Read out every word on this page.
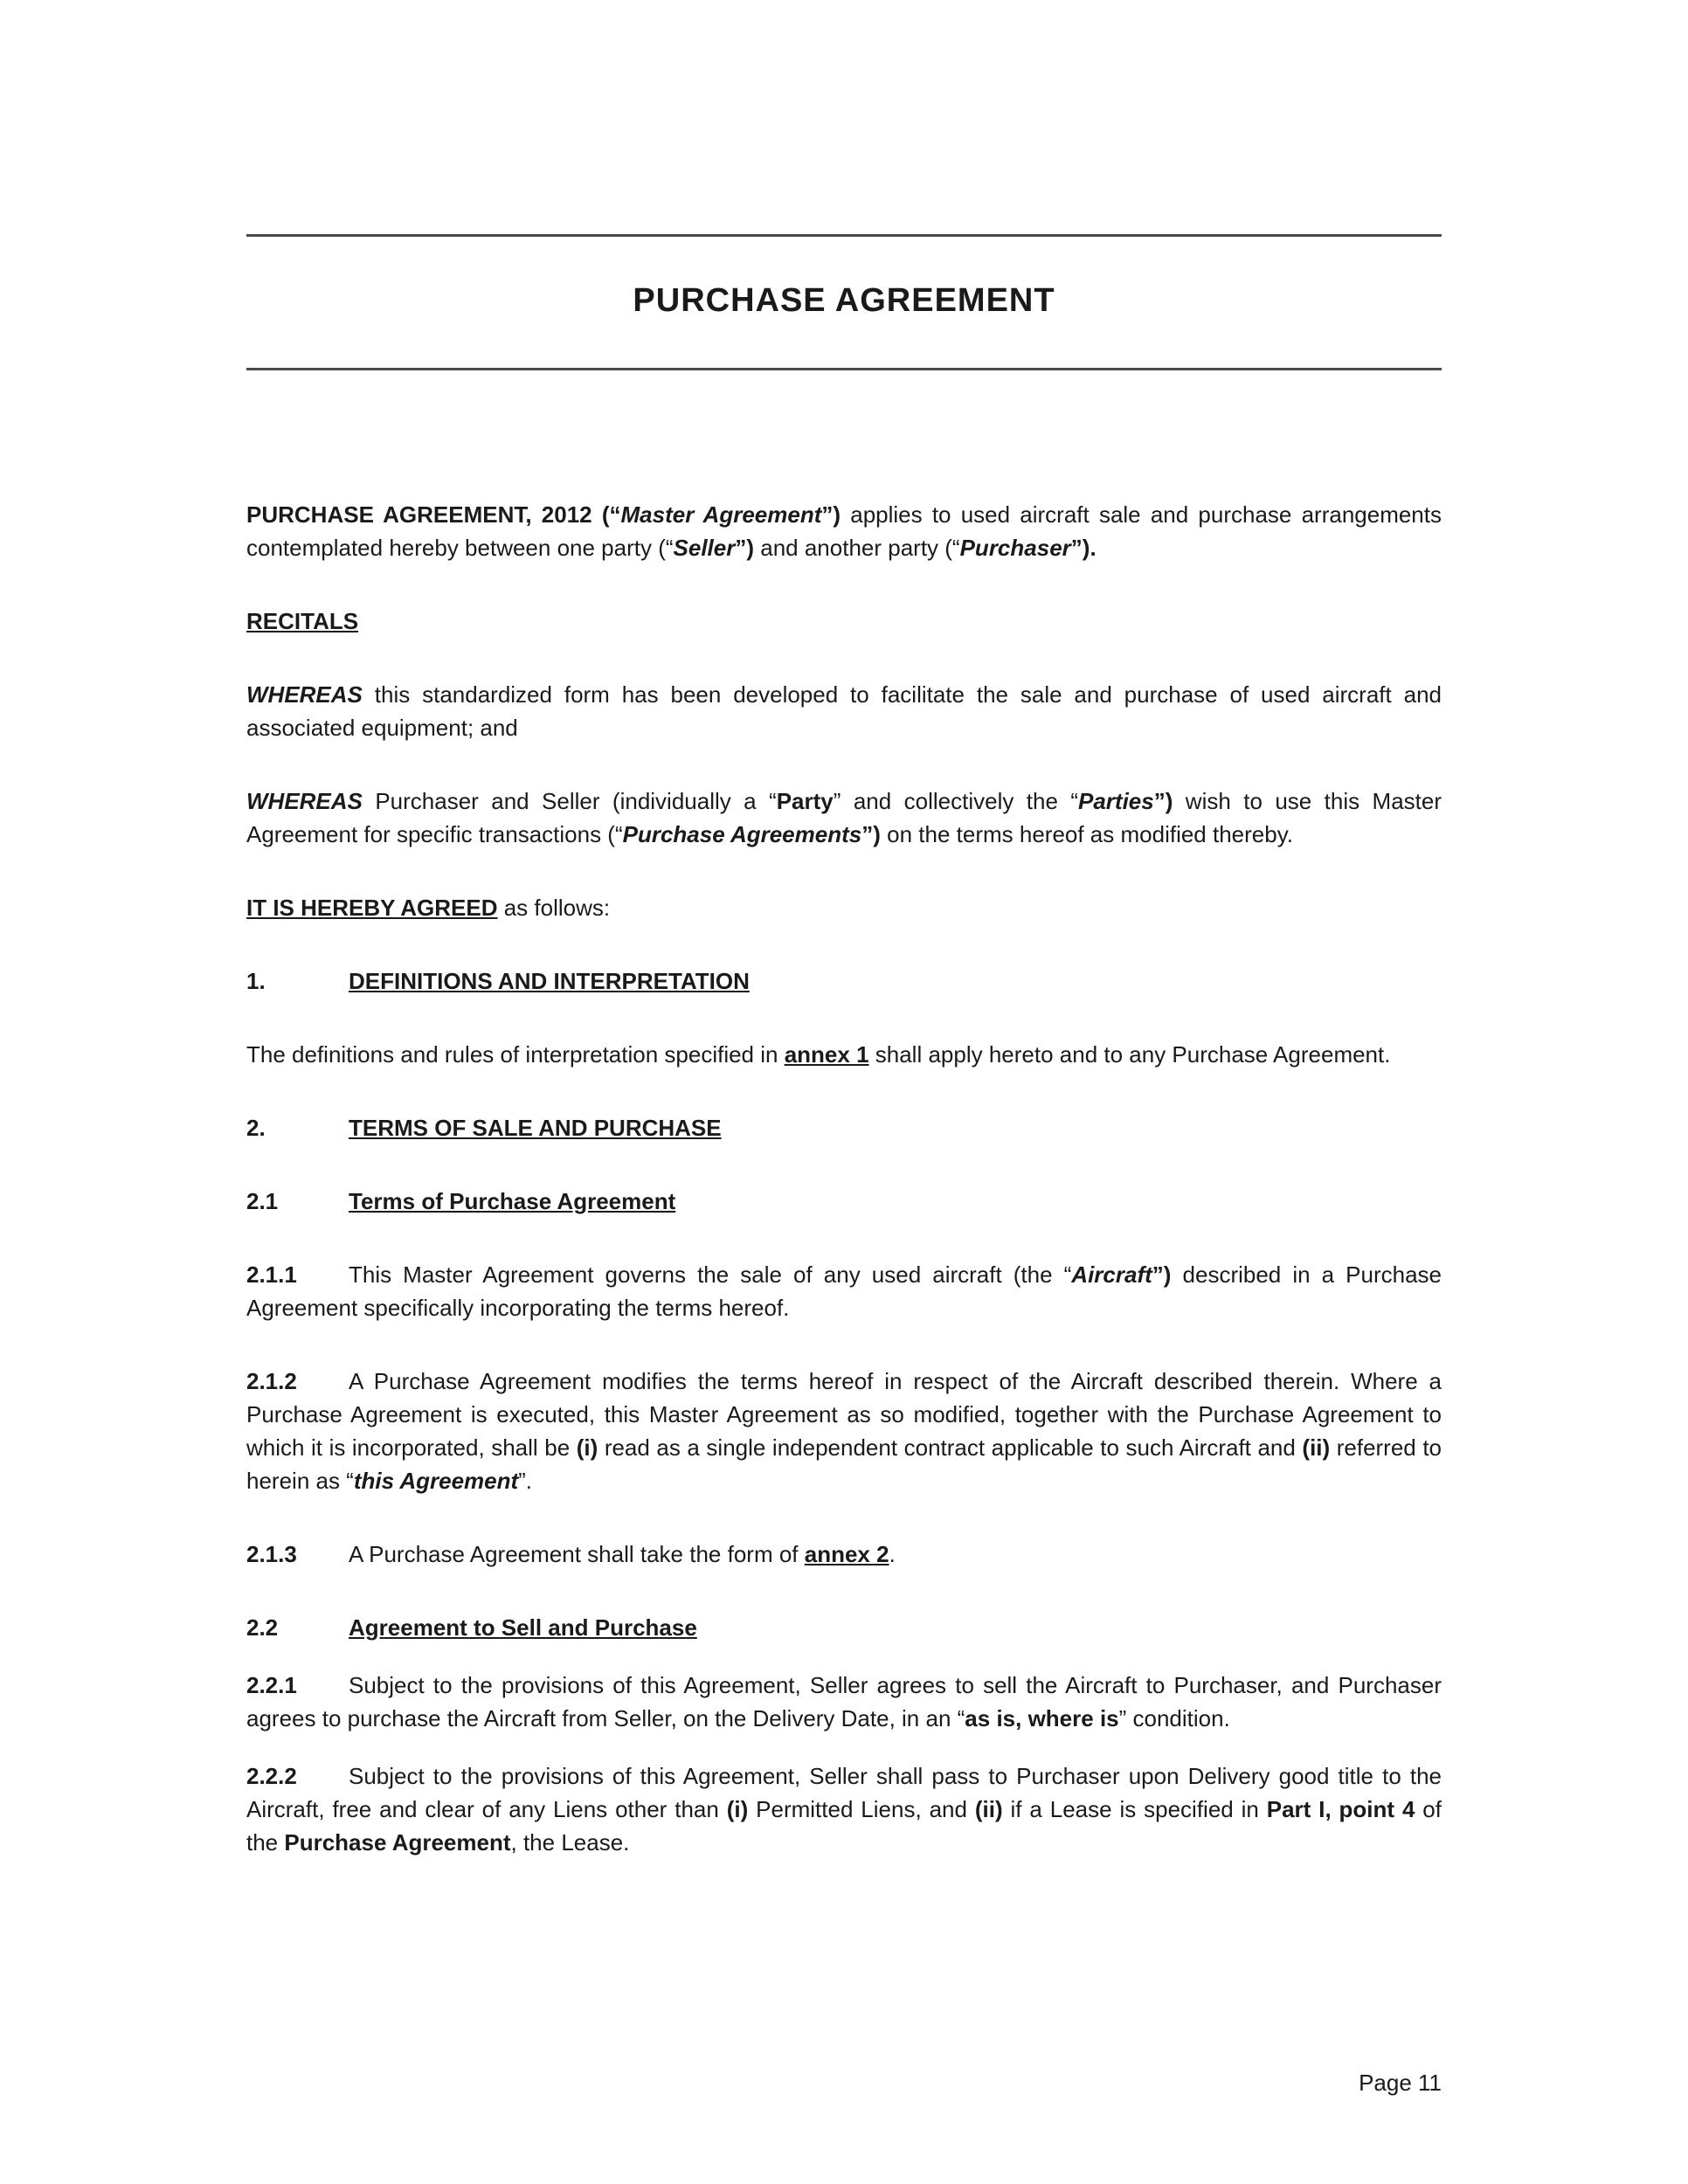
PURCHASE AGREEMENT

PURCHASE AGREEMENT, 2012 (“Master Agreement”) applies to used aircraft sale and purchase arrangements contemplated hereby between one party (“Seller”) and another party (“Purchaser”).

RECITALS

WHEREAS this standardized form has been developed to facilitate the sale and purchase of used aircraft and associated equipment; and

WHEREAS Purchaser and Seller (individually a “Party” and collectively the “Parties”) wish to use this Master Agreement for specific transactions (“Purchase Agreements”) on the terms hereof as modified thereby.

IT IS HEREBY AGREED as follows:

1.	DEFINITIONS AND INTERPRETATION

The definitions and rules of interpretation specified in annex 1 shall apply hereto and to any Purchase Agreement.

2.	TERMS OF SALE AND PURCHASE
2.1	Terms of Purchase Agreement

2.1.1 This Master Agreement governs the sale of any used aircraft (the “Aircraft”) described in a Purchase Agreement specifically incorporating the terms hereof.

2.1.2 A Purchase Agreement modifies the terms hereof in respect of the Aircraft described therein. Where a Purchase Agreement is executed, this Master Agreement as so modified, together with the Purchase Agreement to which it is incorporated, shall be (i) read as a single independent contract applicable to such Aircraft and (ii) referred to herein as “this Agreement”.

2.1.3 A Purchase Agreement shall take the form of annex 2.

2.2	Agreement to Sell and Purchase

2.2.1 Subject to the provisions of this Agreement, Seller agrees to sell the Aircraft to Purchaser, and Purchaser agrees to purchase the Aircraft from Seller, on the Delivery Date, in an “as is, where is” condition.

2.2.2 Subject to the provisions of this Agreement, Seller shall pass to Purchaser upon Delivery good title to the Aircraft, free and clear of any Liens other than (i) Permitted Liens, and (ii) if a Lease is specified in Part I, point 4 of the Purchase Agreement, the Lease.

Page 11
